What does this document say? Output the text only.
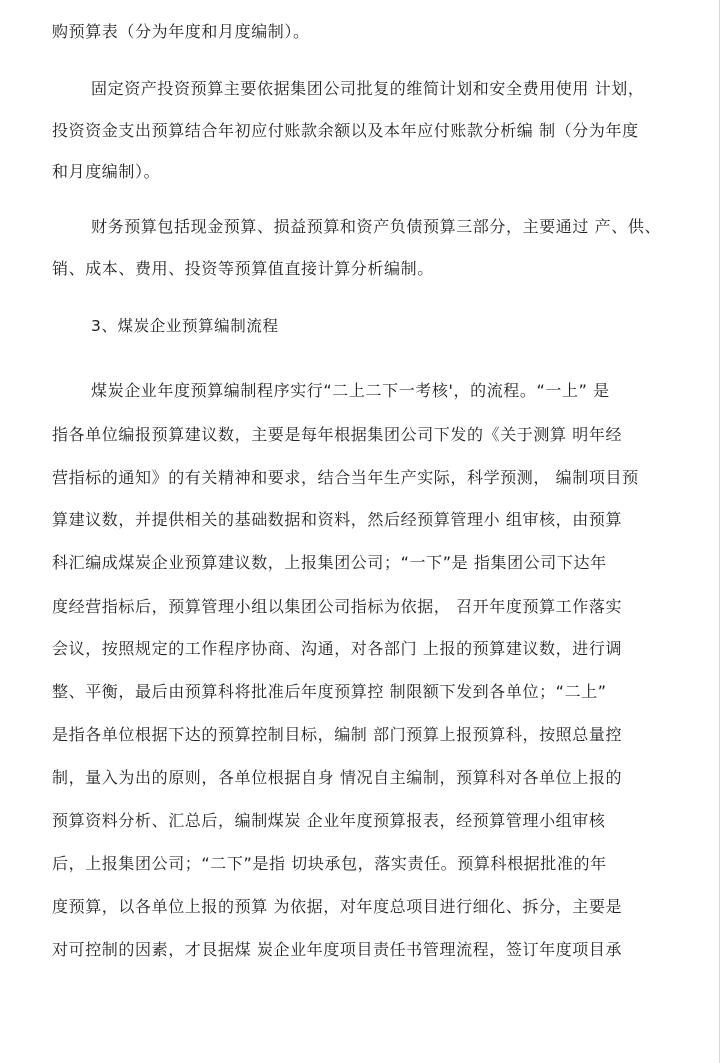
购预算表（分为年度和月度编制）。
固定资产投资预算主要依据集团公司批复的维简计划和安全费用使用 计划，
投资资金支出预算结合年初应付账款余额以及本年应付账款分析编 制（分为年度
和月度编制）。
财务预算包括现金预算、损益预算和资产负债预算三部分，主要通过 产、供、
销、成本、费用、投资等预算值直接计算分析编制。
3、煤炭企业预算编制流程
煤炭企业年度预算编制程序实行“二上二下一考核'，的流程。“一上” 是
指各单位编报预算建议数，主要是每年根据集团公司下发的《关于测算 明年经
营指标的通知》的有关精神和要求，结合当年生产实际，科学预测， 编制项目预
算建议数，并提供相关的基础数据和资料，然后经预算管理小 组审核，由预算
科汇编成煤炭企业预算建议数，上报集团公司；“一下”是 指集团公司下达年
度经营指标后，预算管理小组以集团公司指标为依据， 召开年度预算工作落实
会议，按照规定的工作程序协商、沟通，对各部门 上报的预算建议数，进行调
整、平衡，最后由预算科将批准后年度预算控 制限额下发到各单位；“二上”
是指各单位根据下达的预算控制目标，编制 部门预算上报预算科，按照总量控
制，量入为出的原则，各单位根据自身 情况自主编制，预算科对各单位上报的
预算资料分析、汇总后，编制煤炭 企业年度预算报表，经预算管理小组审核
后，上报集团公司；“二下”是指 切块承包，落实责任。预算科根据批准的年
度预算，以各单位上报的预算 为依据，对年度总项目进行细化、拆分，主要是
对可控制的因素，才艮据煤 炭企业年度项目责任书管理流程，签订年度项目承
